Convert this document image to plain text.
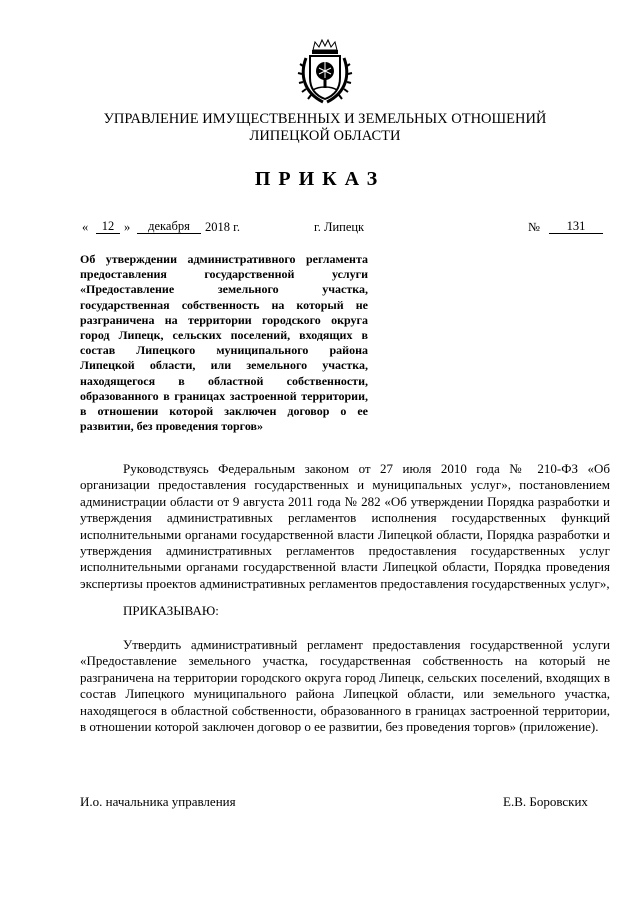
УПРАВЛЕНИЕ ИМУЩЕСТВЕННЫХ И ЗЕМЕЛЬНЫХ ОТНОШЕНИЙ
ЛИПЕЦКОЙ ОБЛАСТИ
ПРИКАЗ
«	12 »	декабря	2018 г.	г. Липецк	№	131
Об утверждении административного регламента предоставления государственной услуги «Предоставление земельного участка, государственная собственность на который не разграничена на территории городского округа город Липецк, сельских поселений, входящих в состав Липецкого муниципального района Липецкой области, или земельного участка, находящегося в областной собственности, образованного в границах застроенной территории, в отношении которой заключен договор о ее развитии, без проведения торгов»

Руководствуясь Федеральным законом от 27 июля 2010 года № 210-ФЗ «Об организации предоставления государственных и муниципальных услуг», постановлением администрации области от 9 августа 2011 года № 282 «Об утверждении Порядка разработки и утверждения административных регламентов исполнения государственных функций исполнительными органами государственной власти Липецкой области, Порядка разработки и утверждения административных регламентов предоставления государственных услуг исполнительными органами государственной власти Липецкой области, Порядка проведения экспертизы проектов административных регламентов предоставления государственных услуг»,

ПРИКАЗЫВАЮ:

Утвердить административный регламент предоставления государственной услуги «Предоставление земельного участка, государственная собственность на который не разграничена на территории городского округа город Липецк, сельских поселений, входящих в состав Липецкого муниципального района Липецкой области, или земельного участка, находящегося в областной собственности, образованного в границах застроенной территории, в отношении которой заключен договор о ее развитии, без проведения торгов» (приложение).

И.о. начальника управления	Е.В. Боровских
